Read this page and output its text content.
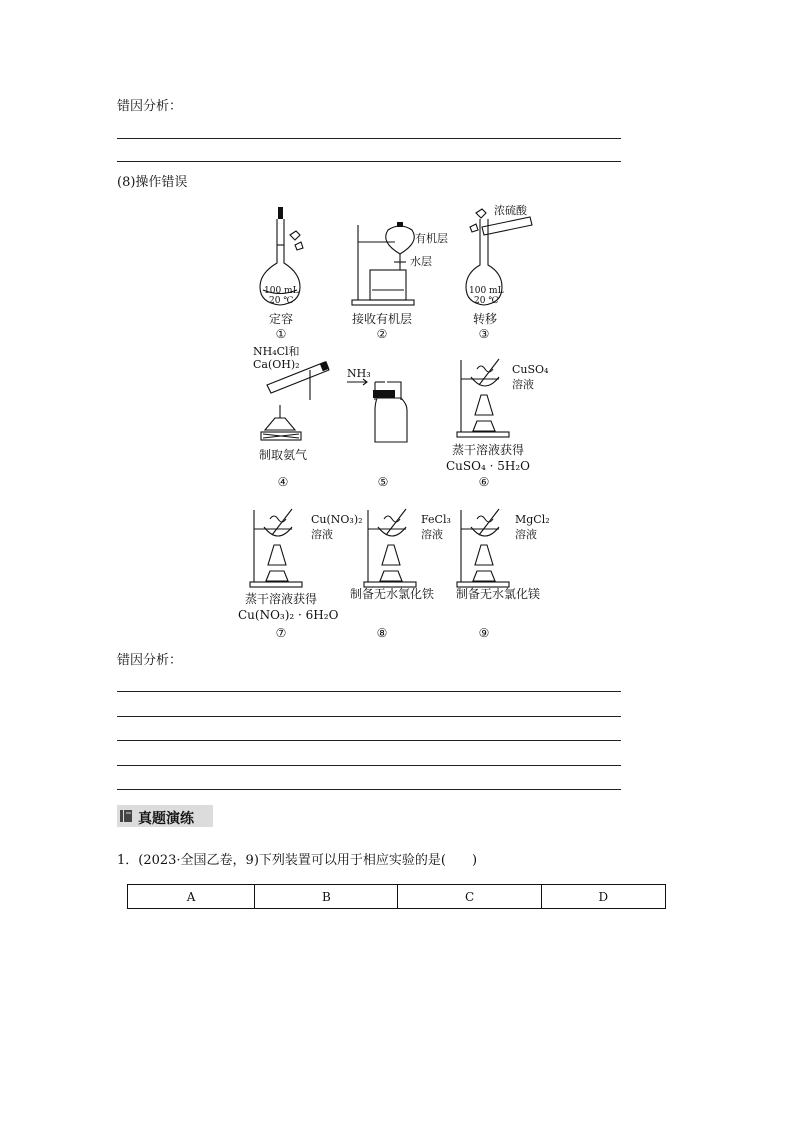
错因分析：
(8)操作错误
100 mL
20 ℃
定容
①
有机层
水层
接收有机层
②
浓硫酸
100 mL
20 ℃
转移
③
NH₄Cl和
Ca(OH)₂
制取氨气
④
NH₃
⑤
CuSO₄
溶液
蒸干溶液获得
CuSO₄ · 5H₂O
⑥
Cu(NO₃)₂
溶液
蒸干溶液获得
Cu(NO₃)₂ · 6H₂O
⑦
FeCl₃
溶液
制备无水氯化铁
⑧
MgCl₂
溶液
制备无水氯化镁
⑨
错因分析：
真题演练
1．(2023·全国乙卷，9)下列装置可以用于相应实验的是(　　)
A	B	C	D
